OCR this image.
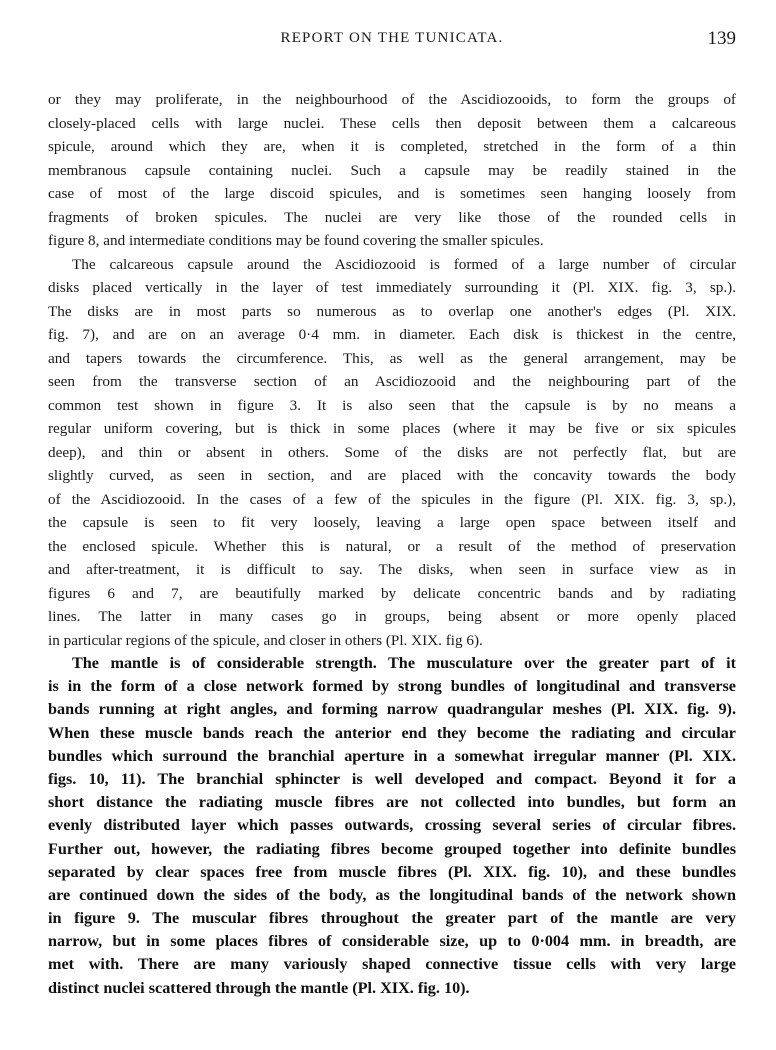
REPORT ON THE TUNICATA.	139
or they may proliferate, in the neighbourhood of the Ascidiozooids, to form the groups of
closely-placed cells with large nuclei. These cells then deposit between them a calcareous
spicule, around which they are, when it is completed, stretched in the form of a thin
membranous capsule containing nuclei. Such a capsule may be readily stained in the
case of most of the large discoid spicules, and is sometimes seen hanging loosely from
fragments of broken spicules. The nuclei are very like those of the rounded cells in
figure 8, and intermediate conditions may be found covering the smaller spicules.
The calcareous capsule around the Ascidiozooid is formed of a large number of circular
disks placed vertically in the layer of test immediately surrounding it (Pl. XIX. fig. 3, sp.).
The disks are in most parts so numerous as to overlap one another's edges (Pl. XIX.
fig. 7), and are on an average 0·4 mm. in diameter. Each disk is thickest in the centre,
and tapers towards the circumference. This, as well as the general arrangement, may be
seen from the transverse section of an Ascidiozooid and the neighbouring part of the
common test shown in figure 3. It is also seen that the capsule is by no means a
regular uniform covering, but is thick in some places (where it may be five or six spicules
deep), and thin or absent in others. Some of the disks are not perfectly flat, but are
slightly curved, as seen in section, and are placed with the concavity towards the body
of the Ascidiozooid. In the cases of a few of the spicules in the figure (Pl. XIX. fig. 3, sp.),
the capsule is seen to fit very loosely, leaving a large open space between itself and
the enclosed spicule. Whether this is natural, or a result of the method of preservation
and after-treatment, it is difficult to say. The disks, when seen in surface view as in
figures 6 and 7, are beautifully marked by delicate concentric bands and by radiating
lines. The latter in many cases go in groups, being absent or more openly placed
in particular regions of the spicule, and closer in others (Pl. XIX. fig 6).
The mantle is of considerable strength. The musculature over the greater part of it
is in the form of a close network formed by strong bundles of longitudinal and transverse
bands running at right angles, and forming narrow quadrangular meshes (Pl. XIX. fig. 9).
When these muscle bands reach the anterior end they become the radiating and circular
bundles which surround the branchial aperture in a somewhat irregular manner (Pl. XIX.
figs. 10, 11). The branchial sphincter is well developed and compact. Beyond it for a
short distance the radiating muscle fibres are not collected into bundles, but form an
evenly distributed layer which passes outwards, crossing several series of circular fibres.
Further out, however, the radiating fibres become grouped together into definite bundles
separated by clear spaces free from muscle fibres (Pl. XIX. fig. 10), and these bundles
are continued down the sides of the body, as the longitudinal bands of the network shown
in figure 9. The muscular fibres throughout the greater part of the mantle are very
narrow, but in some places fibres of considerable size, up to 0·004 mm. in breadth, are
met with. There are many variously shaped connective tissue cells with very large
distinct nuclei scattered through the mantle (Pl. XIX. fig. 10).
